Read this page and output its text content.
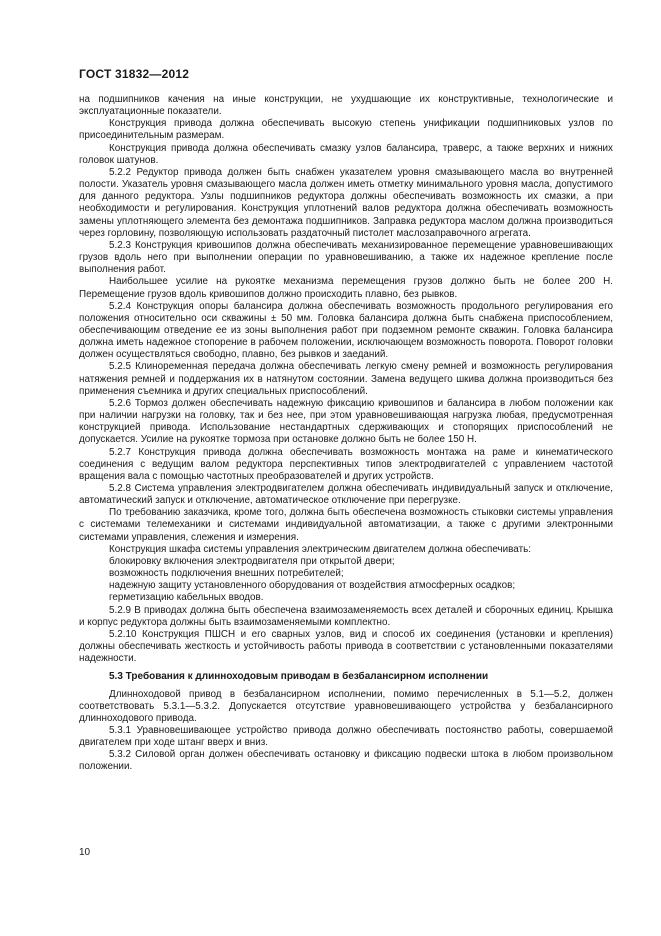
ГОСТ 31832—2012

на подшипников качения на иные конструкции, не ухудшающие их конструктивные, технологические и эксплуатационные показатели.

Конструкция привода должна обеспечивать высокую степень унификации подшипниковых узлов по присоединительным размерам.

Конструкция привода должна обеспечивать смазку узлов балансира, траверс, а также верхних и нижних головок шатунов.

5.2.2 Редуктор привода должен быть снабжен указателем уровня смазывающего масла во внутренней полости. Указатель уровня смазывающего масла должен иметь отметку минимального уровня масла, допустимого для данного редуктора. Узлы подшипников редуктора должны обеспечивать возможность их смазки, а при необходимости и регулирования. Конструкция уплотнений валов редуктора должна обеспечивать возможность замены уплотняющего элемента без демонтажа подшипников. Заправка редуктора маслом должна производиться через горловину, позволяющую использовать раздаточный пистолет маслозаправочного агрегата.

5.2.3 Конструкция кривошипов должна обеспечивать механизированное перемещение уравновешивающих грузов вдоль него при выполнении операции по уравновешиванию, а также их надежное крепление после выполнения работ.

Наибольшее усилие на рукоятке механизма перемещения грузов должно быть не более 200 Н. Перемещение грузов вдоль кривошипов должно происходить плавно, без рывков.

5.2.4 Конструкция опоры балансира должна обеспечивать возможность продольного регулирования его положения относительно оси скважины ± 50 мм. Головка балансира должна быть снабжена приспособлением, обеспечивающим отведение ее из зоны выполнения работ при подземном ремонте скважин. Головка балансира должна иметь надежное стопорение в рабочем положении, исключающем возможность поворота. Поворот головки должен осуществляться свободно, плавно, без рывков и заеданий.

5.2.5 Клиноременная передача должна обеспечивать легкую смену ремней и возможность регулирования натяжения ремней и поддержания их в натянутом состоянии. Замена ведущего шкива должна производиться без применения съемника и других специальных приспособлений.

5.2.6 Тормоз должен обеспечивать надежную фиксацию кривошипов и балансира в любом положении как при наличии нагрузки на головку, так и без нее, при этом уравновешивающая нагрузка любая, предусмотренная конструкцией привода. Использование нестандартных сдерживающих и стопорящих приспособлений не допускается. Усилие на рукоятке тормоза при остановке должно быть не более 150 Н.

5.2.7 Конструкция привода должна обеспечивать возможность монтажа на раме и кинематического соединения с ведущим валом редуктора перспективных типов электродвигателей с управлением частотой вращения вала с помощью частотных преобразователей и других устройств.

5.2.8 Система управления электродвигателем должна обеспечивать индивидуальный запуск и отключение, автоматический запуск и отключение, автоматическое отключение при перегрузке.

По требованию заказчика, кроме того, должна быть обеспечена возможность стыковки системы управления с системами телемеханики и системами индивидуальной автоматизации, а также с другими электронными системами управления, слежения и измерения.

Конструкция шкафа системы управления электрическим двигателем должна обеспечивать:

блокировку включения электродвигателя при открытой двери;

возможность подключения внешних потребителей;

надежную защиту установленного оборудования от воздействия атмосферных осадков;

герметизацию кабельных вводов.

5.2.9 В приводах должна быть обеспечена взаимозаменяемость всех деталей и сборочных единиц. Крышка и корпус редуктора должны быть взаимозаменяемыми комплектно.

5.2.10 Конструкция ПШСН и его сварных узлов, вид и способ их соединения (установки и крепления) должны обеспечивать жесткость и устойчивость работы привода в соответствии с установленными показателями надежности.

5.3 Требования к длинноходовым приводам в безбалансирном исполнении

Длинноходовой привод в безбалансирном исполнении, помимо перечисленных в 5.1—5.2, должен соответствовать 5.3.1—5.3.2. Допускается отсутствие уравновешивающего устройства у безбалансирного длинноходового привода.

5.3.1 Уравновешивающее устройство привода должно обеспечивать постоянство работы, совершаемой двигателем при ходе штанг вверх и вниз.

5.3.2 Силовой орган должен обеспечивать остановку и фиксацию подвески штока в любом произвольном положении.

10
